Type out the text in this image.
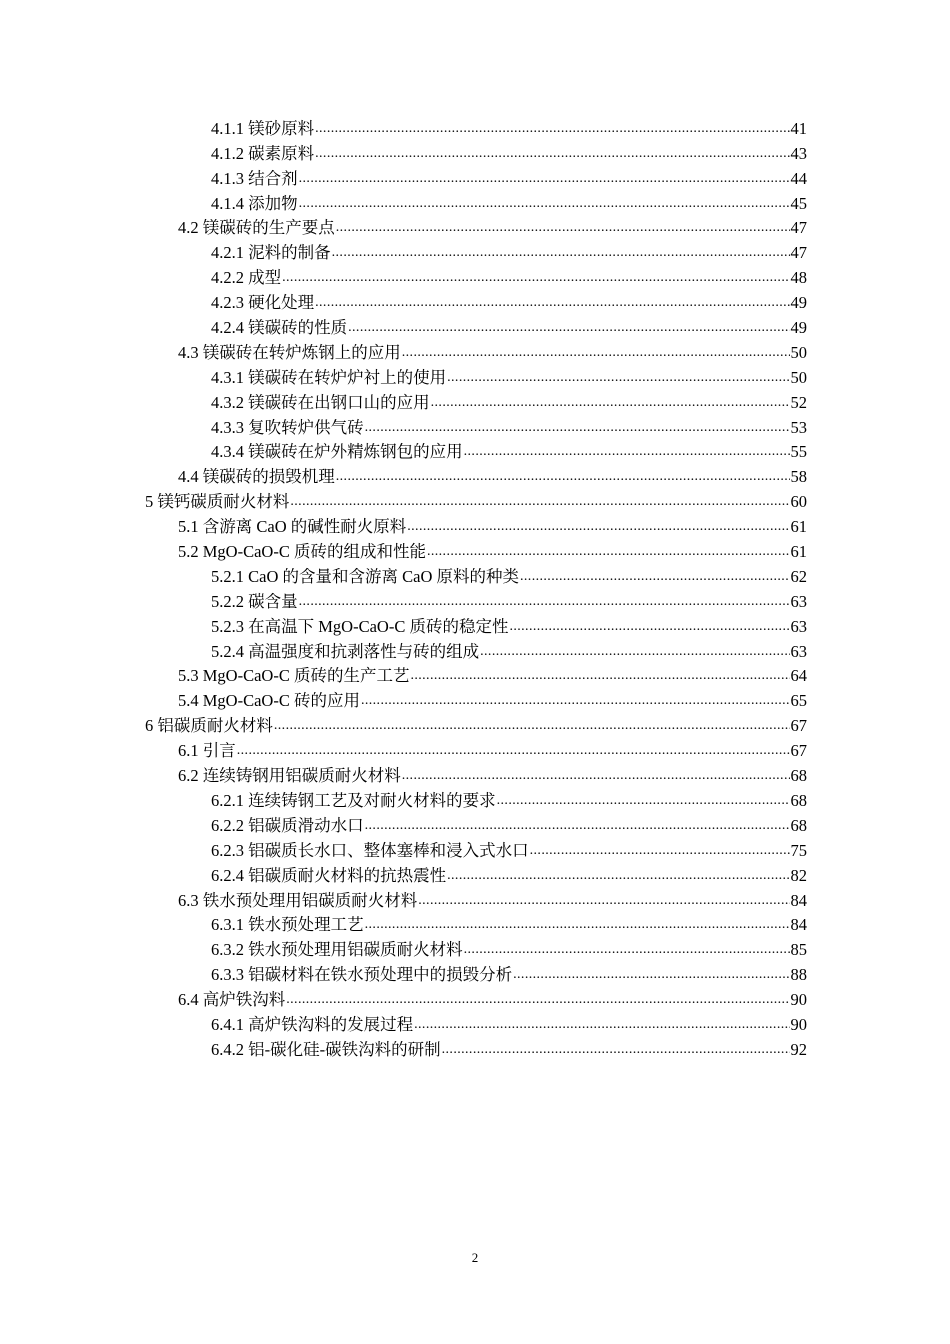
4.1.1 镁砂原料 .....	41
4.1.2 碳素原料 .....	43
4.1.3 结合剂 .....	44
4.1.4 添加物 .....	45
4.2 镁碳砖的生产要点 .....	47
4.2.1 泥料的制备 .....	47
4.2.2 成型 .....	48
4.2.3 硬化处理 .....	49
4.2.4 镁碳砖的性质 .....	49
4.3 镁碳砖在转炉炼钢上的应用 .....	50
4.3.1 镁碳砖在转炉炉衬上的使用 .....	50
4.3.2 镁碳砖在出钢口山的应用 .....	52
4.3.3 复吹转炉供气砖 .....	53
4.3.4 镁碳砖在炉外精炼钢包的应用 .....	55
4.4 镁碳砖的损毁机理 .....	58
5 镁钙碳质耐火材料 .....	60
5.1 含游离 CaO 的碱性耐火原料 .....	61
5.2 MgO-CaO-C 质砖的组成和性能 .....	61
5.2.1 CaO 的含量和含游离 CaO 原料的种类 .....	62
5.2.2 碳含量 .....	63
5.2.3 在高温下 MgO-CaO-C 质砖的稳定性 .....	63
5.2.4 高温强度和抗剥落性与砖的组成 .....	63
5.3 MgO-CaO-C 质砖的生产工艺 .....	64
5.4 MgO-CaO-C 砖的应用 .....	65
6 铝碳质耐火材料 .....	67
6.1 引言 .....	67
6.2 连续铸钢用铝碳质耐火材料 .....	68
6.2.1 连续铸钢工艺及对耐火材料的要求 .....	68
6.2.2 铝碳质滑动水口 .....	68
6.2.3 铝碳质长水口、整体塞棒和浸入式水口 .....	75
6.2.4 铝碳质耐火材料的抗热震性 .....	82
6.3 铁水预处理用铝碳质耐火材料 .....	84
6.3.1 铁水预处理工艺 .....	84
6.3.2 铁水预处理用铝碳质耐火材料 .....	85
6.3.3 铝碳材料在铁水预处理中的损毁分析 .....	88
6.4 高炉铁沟料 .....	90
6.4.1 高炉铁沟料的发展过程 .....	90
6.4.2 铝-碳化硅-碳铁沟料的研制 .....	92
2
